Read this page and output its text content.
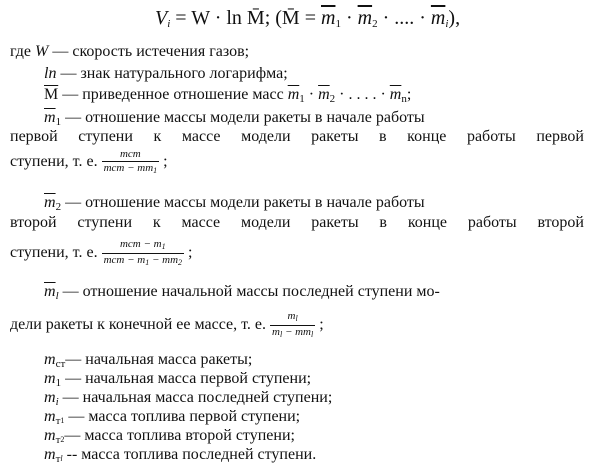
$V_i = W \cdot \ln$ M̄; (M̄ = $\overline{m}_1 \cdot \overline{m}_2$ · .... · $\overline{m}_i$),
где W — скорость истечения газов;
ln — знак натурального логарифма;
$\overline{M}$ — приведенное отношение масс $\overline{m}_1 \cdot \overline{m}_2$ · . . . . · $\overline{m}_n$;
$\overline{m}_1$ — отношение массы модели ракеты в начале работы
первой ступени к массе модели ракеты в конце работы первой
ступени, т. е. $\frac{\text{mст}}{\text{mст − mт1}}$ ;
$\overline{m}_2$ — отношение массы модели ракеты в начале работы
второй ступени к массе модели ракеты в конце работы второй
ступени, т. е. $\frac{\text{mст − m1}}{\text{mст − m1 − mт2}}$ ;
$\overline{m}_l$ — отношение начальной массы последней ступени мо-
дели ракеты к конечной ее массе, т. е. $\frac{ml}{\text{ml − mтl}}$ ;
$m_{ст}—$ начальная масса ракеты;
$m_1$ — начальная масса первой ступени;
$m_i$ — начальная масса последней ступени;
$m_т1$ — масса топлива первой ступени;
$m_т2—$ масса топлива второй ступени;
$m_тl$ -- масса топлива последней ступени.
